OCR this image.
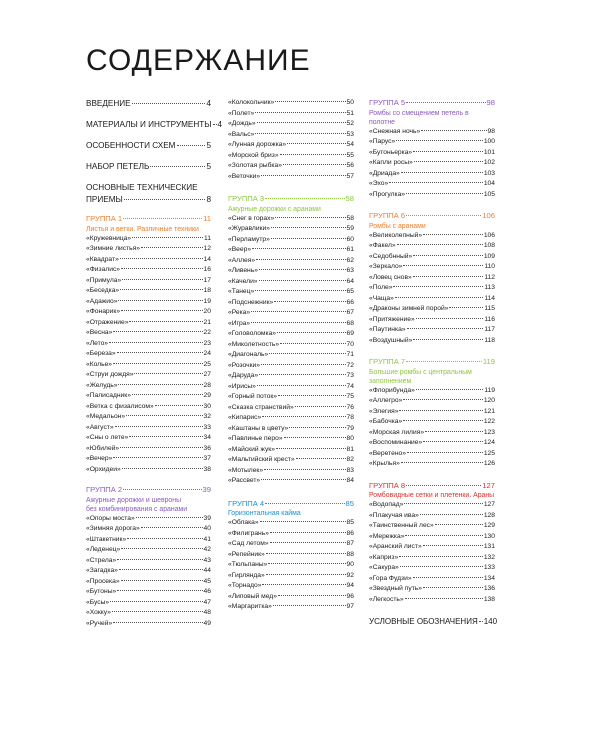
СОДЕРЖАНИЕ
ВВЕДЕНИЕ	4
МАТЕРИАЛЫ И ИНСТРУМЕНТЫ 4
ОСОБЕННОСТИ СХЕМ	5
НАБОР ПЕТЕЛЬ	5
ОСНОВНЫЕ ТЕХНИЧЕСКИЕ
ПРИЕМЫ	8
ГРУППА 1	11
Листья и ветки. Различные техники
«Кружевница»	11
«Зимние листья»	12
«Квадрат»	14
«Физалис»	16
«Примула»	17
«Беседка»	18
«Адажио»	19
«Фонарик»	20
«Отражение»	21
«Весна»	22
«Лето»	23
«Береза»	24
«Колье»	25
«Струи дождя»	27
«Желудь»	28
«Палисадник»	29
«Ветка с физалисом»	30
«Медальон»	32
«Август»	33
«Сны о лете»	34
«Юбилей»	36
«Вечер»	37
«Орхидеи»	38
ГРУППА 2	39
Ажурные дорожки и шевроны
без комбинирования с аранами
«Опоры моста»	39
«Зимняя дорога»	40
«Штакетник»	41
«Леденец»	42
«Стрела»	43
«Загадка»	44
«Просека»	45
«Бутоны»	46
«Бусы»	47
«Хокку»	48
«Ручей»	49
«Колокольчик»	50
«Полет»	51
«Дождь»	52
«Вальс»	53
«Лунная дорожка»	54
«Морской бриз»	55
«Золотая рыбка»	56
«Веточки»	57
ГРУППА 3	58
Ажурные дорожки с аранами
«Снег в горах»	58
«Журавлики»	59
«Перламутр»	60
«Веер»	61
«Аллея»	62
«Ливень»	63
«Качели»	64
«Танец»	65
«Подснежник»	66
«Река»	67
«Игра»	68
«Головоломка»	69
«Миколетность»	70
«Диагональ»	71
«Розочки»	72
«Даруда»	73
«Ирисы»	74
«Горный поток»	75
«Сказка странствий»	76
«Кипарис»	78
«Каштаны в цвету»	79
«Павлинье перо»	80
«Майский жук»	81
«Мальтийский крест»	82
«Мотылек»	83
«Рассвет»	84
ГРУППА 4	85
Горизонтальная кайма
«Облака»	85
«Филигрань»	86
«Сад летом»	87
«Репейник»	88
«Тюльпаны»	90
«Гирлянда»	92
«Торнадо»	94
«Липовый мед»	96
«Маргаритка»	97
ГРУППА 5	98
Ромбы со смещением петель в полотне
«Снежная ночь»	98
«Парус»	100
«Бутоньерка»	101
«Капли росы»	102
«Дриада»	103
«Эхо»	104
«Прогулка»	105
ГРУППА 6	106
Ромбы с аранами
«Великолепный»	106
«Факел»	108
«Седобнный»	109
«Зеркало»	110
«Ловец снов»	112
«Поле»	113
«Чаща»	114
«Драконы зимней порой»	115
«Притяжение»	116
«Паутинка»	117
«Воздушный»	118
ГРУППА 7	119
Большие ромбы с центральным
заполнением
«Флорибунда»	119
«Аллегро»	120
«Элегия»	121
«Бабочка»	122
«Морская лилия»	123
«Воспоминание»	124
«Веретено»	125
«Крылья»	126
ГРУППА 8	127
Ромбовидные сетки и плетенки. Араны
«Водопад»	127
«Плакучая ива»	128
«Таинственный лес»	129
«Мережка»	130
«Аранский лист»	131
«Каприз»	132
«Сакура»	133
«Гора Фудзи»	134
«Звездный путь»	136
«Легкость»	138
УСЛОВНЫЕ ОБОЗНАЧЕНИЯ 140
